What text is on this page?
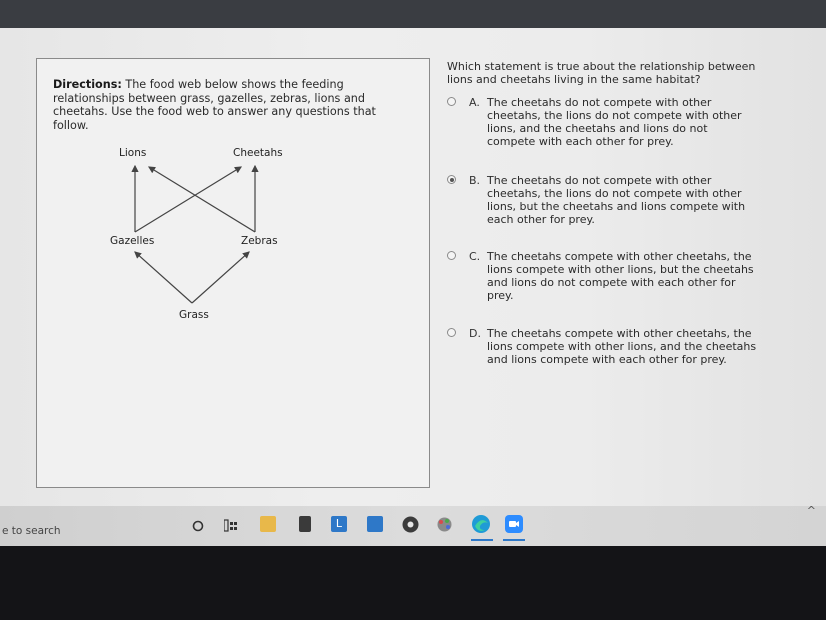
Directions: The food web below shows the feeding relationships between grass, gazelles, zebras, lions and cheetahs. Use the food web to answer any questions that follow.
Lions	Cheetahs
Gazelles	Zebras
Grass
Which statement is true about the relationship between lions and cheetahs living in the same habitat?
A. The cheetahs do not compete with other cheetahs, the lions do not compete with other lions, and the cheetahs and lions do not compete with each other for prey.
B. The cheetahs do not compete with other cheetahs, the lions do not compete with other lions, but the cheetahs and lions compete with each other for prey.
C. The cheetahs compete with other cheetahs, the lions compete with other lions, but the cheetahs and lions do not compete with each other for prey.
D. The cheetahs compete with other cheetahs, the lions compete with other lions, and the cheetahs and lions compete with each other for prey.
e to search
^
L
